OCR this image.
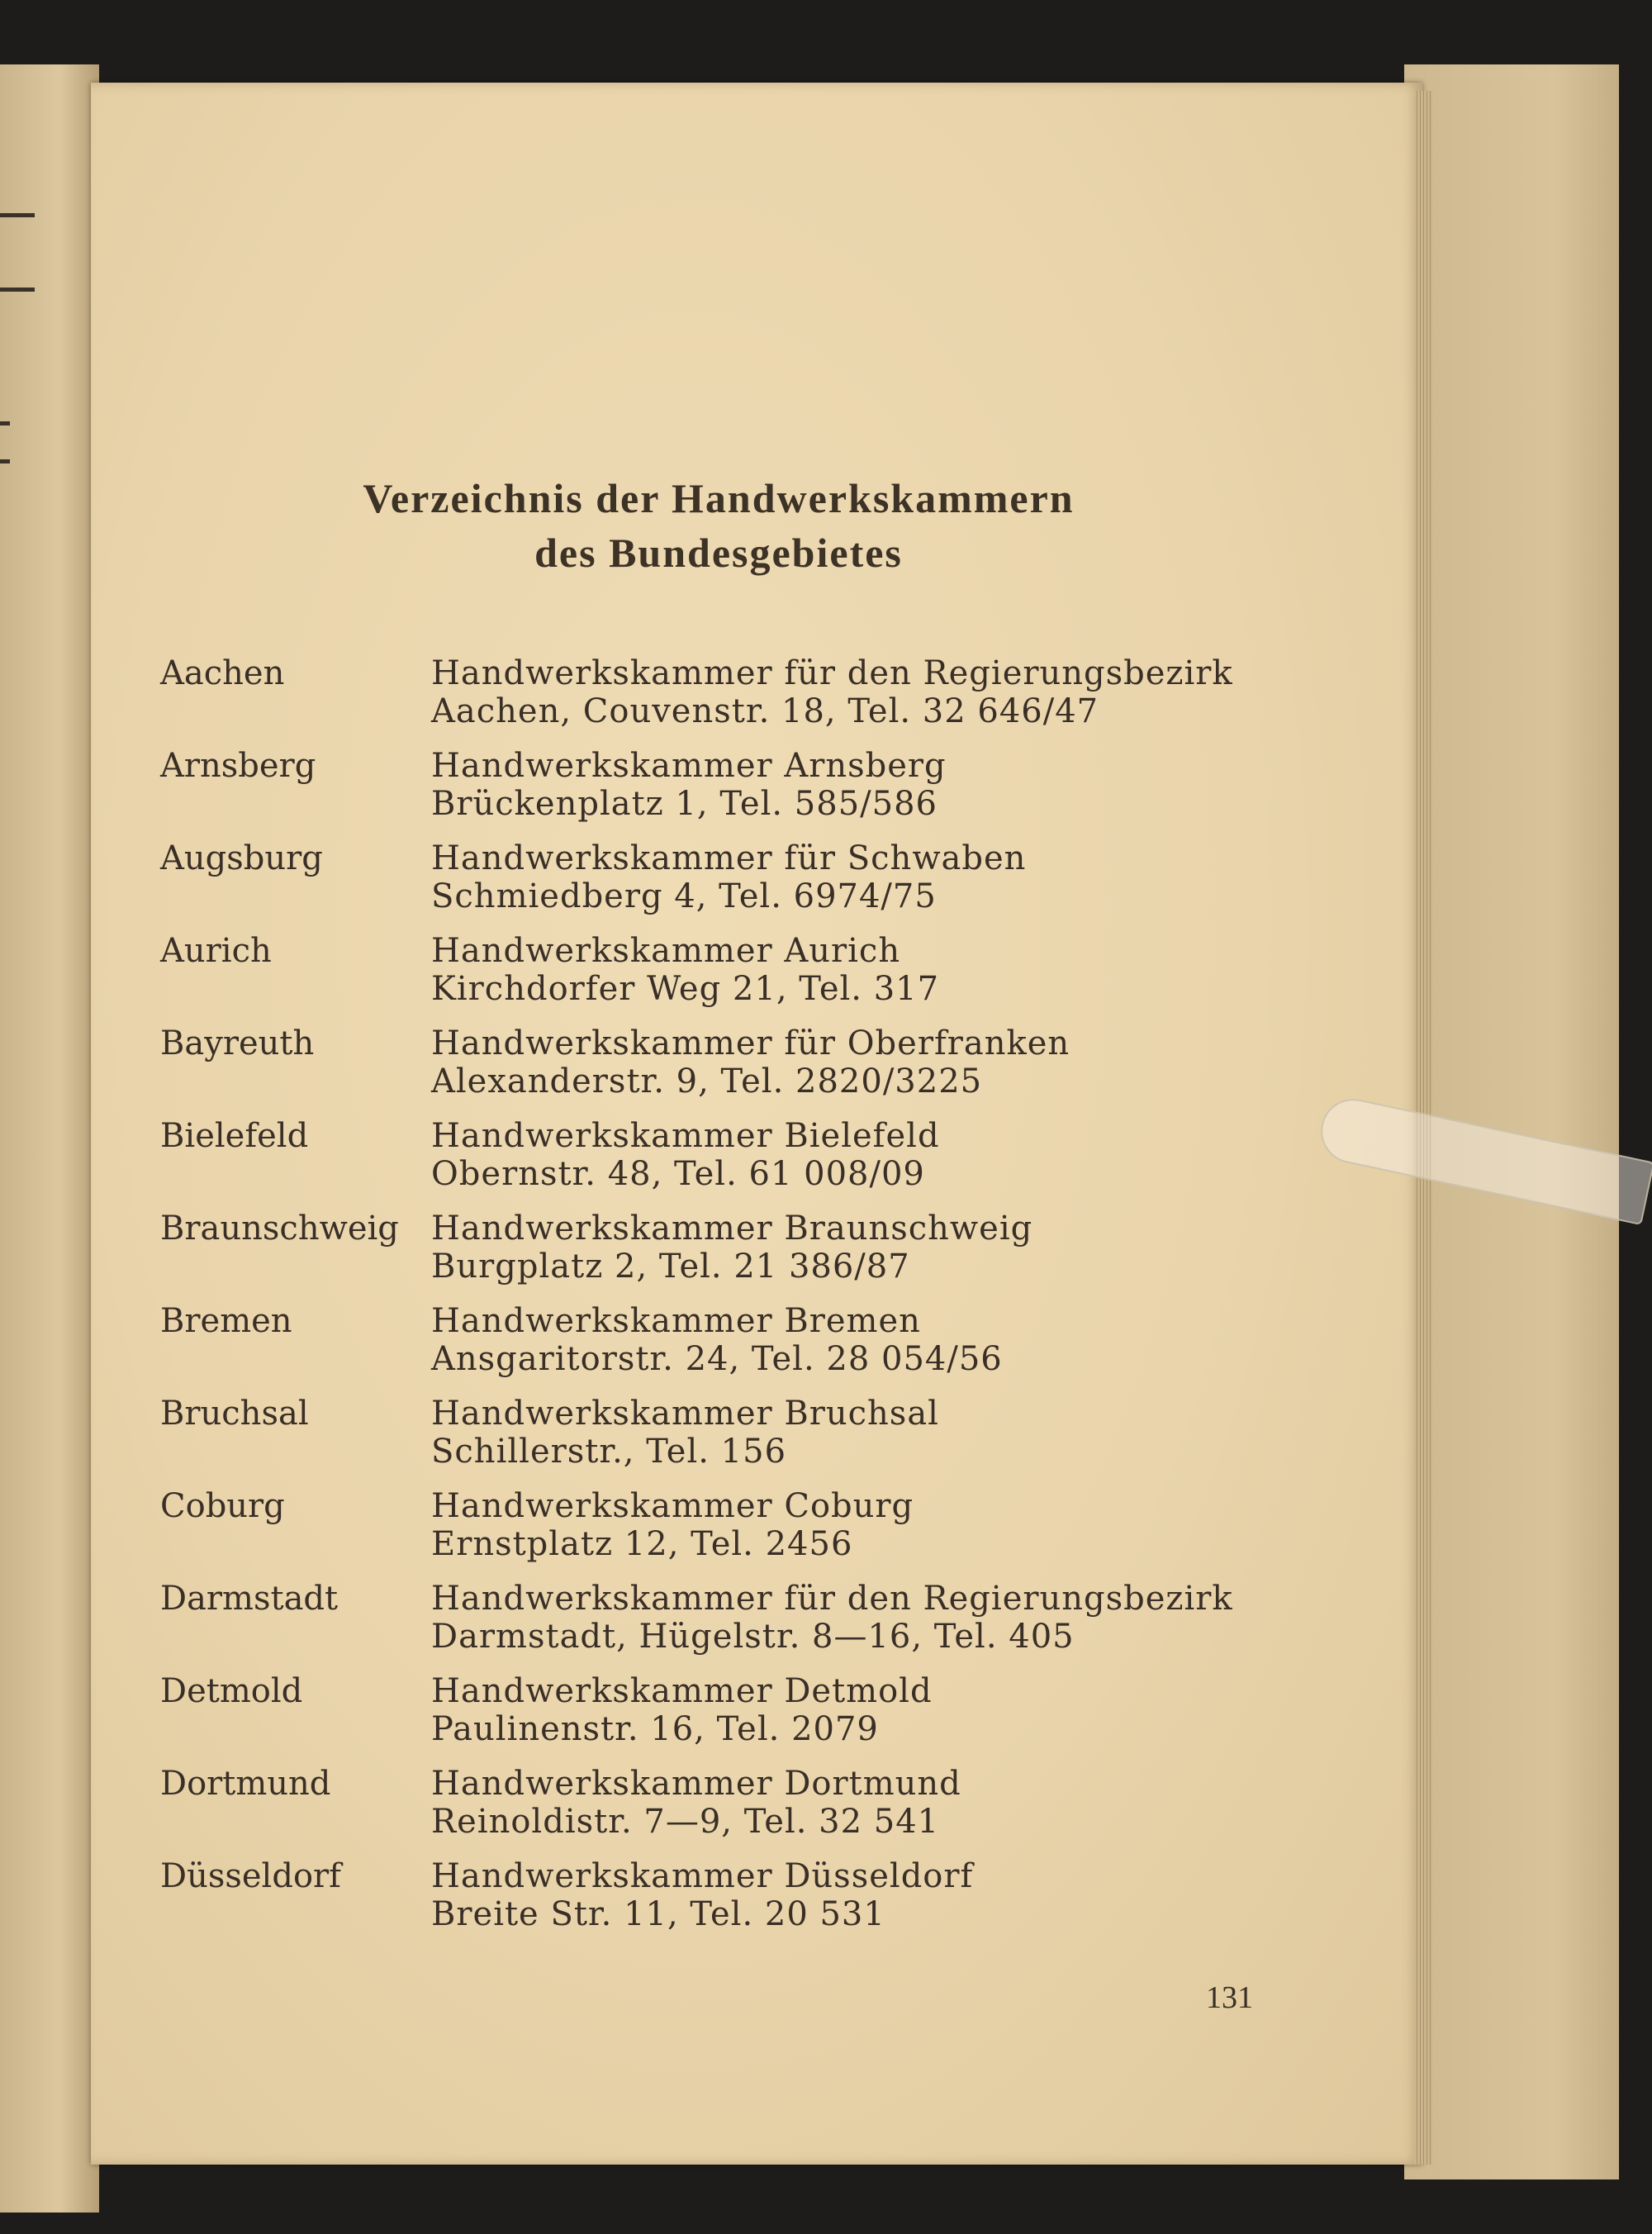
Verzeichnis der Handwerkskammern
des Bundesgebietes
Aachen	Handwerkskammer für den Regierungsbezirk
Aachen, Couvenstr. 18, Tel. 32 646/47
Arnsberg	Handwerkskammer Arnsberg
Brückenplatz 1, Tel. 585/586
Augsburg	Handwerkskammer für Schwaben
Schmiedberg 4, Tel. 6974/75
Aurich	Handwerkskammer Aurich
Kirchdorfer Weg 21, Tel. 317
Bayreuth	Handwerkskammer für Oberfranken
Alexanderstr. 9, Tel. 2820/3225
Bielefeld	Handwerkskammer Bielefeld
Obernstr. 48, Tel. 61 008/09
Braunschweig Handwerkskammer Braunschweig
Burgplatz 2, Tel. 21 386/87
Bremen	Handwerkskammer Bremen
Ansgaritorstr. 24, Tel. 28 054/56
Bruchsal	Handwerkskammer Bruchsal
Schillerstr., Tel. 156
Coburg	Handwerkskammer Coburg
Ernstplatz 12, Tel. 2456
Darmstadt	Handwerkskammer für den Regierungsbezirk
Darmstadt, Hügelstr. 8—16, Tel. 405
Detmold	Handwerkskammer Detmold
Paulinenstr. 16, Tel. 2079
Dortmund	Handwerkskammer Dortmund
Reinoldistr. 7—9, Tel. 32 541
Düsseldorf	Handwerkskammer Düsseldorf
Breite Str. 11, Tel. 20 531
131
